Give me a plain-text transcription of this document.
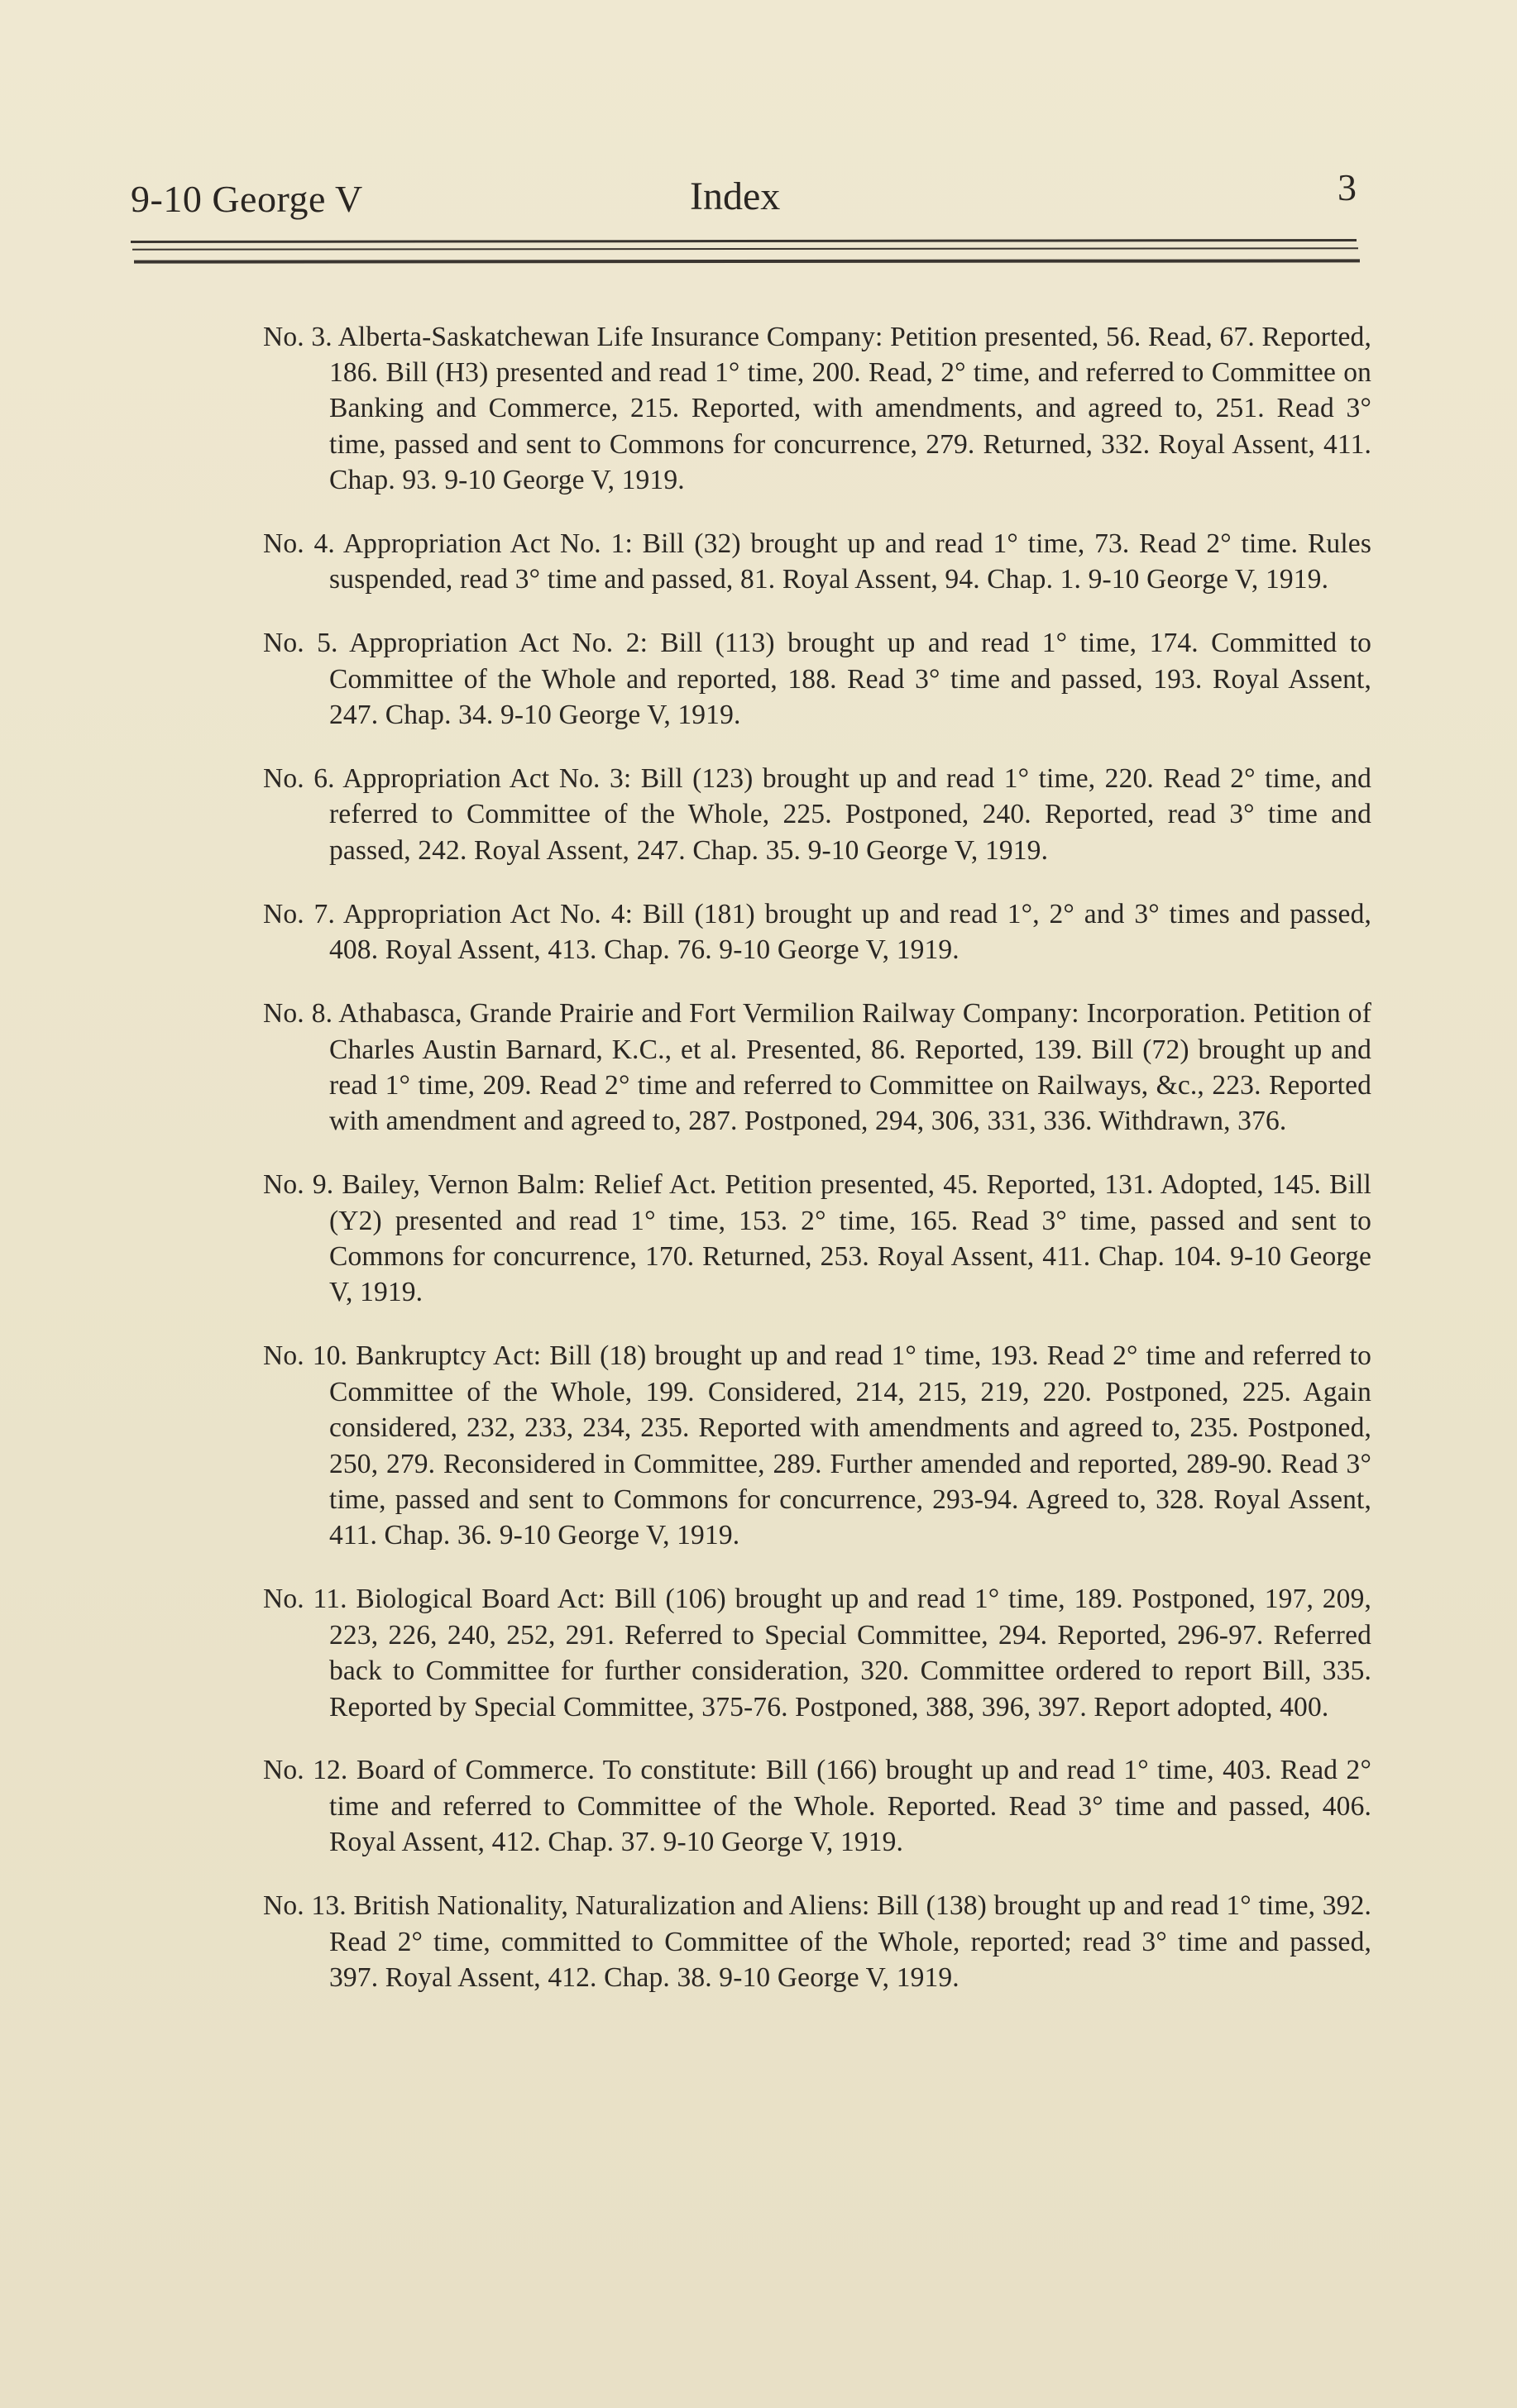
9-10 George V	Index	3

No. 3. Alberta-Saskatchewan Life Insurance Company: Petition presented, 56. Read, 67. Reported, 186. Bill (H3) presented and read 1° time, 200. Read, 2° time, and referred to Committee on Banking and Commerce, 215. Reported, with amendments, and agreed to, 251. Read 3° time, passed and sent to Commons for concurrence, 279. Returned, 332. Royal Assent, 411. Chap. 93. 9-10 George V, 1919.

No. 4. Appropriation Act No. 1: Bill (32) brought up and read 1° time, 73. Read 2° time. Rules suspended, read 3° time and passed, 81. Royal Assent, 94. Chap. 1. 9-10 George V, 1919.

No. 5. Appropriation Act No. 2: Bill (113) brought up and read 1° time, 174. Committed to Committee of the Whole and reported, 188. Read 3° time and passed, 193. Royal Assent, 247. Chap. 34. 9-10 George V, 1919.

No. 6. Appropriation Act No. 3: Bill (123) brought up and read 1° time, 220. Read 2° time, and referred to Committee of the Whole, 225. Postponed, 240. Reported, read 3° time and passed, 242. Royal Assent, 247. Chap. 35. 9-10 George V, 1919.

No. 7. Appropriation Act No. 4: Bill (181) brought up and read 1°, 2° and 3° times and passed, 408. Royal Assent, 413. Chap. 76. 9-10 George V, 1919.

No. 8. Athabasca, Grande Prairie and Fort Vermilion Railway Company: Incorporation. Petition of Charles Austin Barnard, K.C., et al. Presented, 86. Reported, 139. Bill (72) brought up and read 1° time, 209. Read 2° time and referred to Committee on Railways, &c., 223. Reported with amendment and agreed to, 287. Postponed, 294, 306, 331, 336. Withdrawn, 376.

No. 9. Bailey, Vernon Balm: Relief Act. Petition presented, 45. Reported, 131. Adopted, 145. Bill (Y2) presented and read 1° time, 153. 2° time, 165. Read 3° time, passed and sent to Commons for concurrence, 170. Returned, 253. Royal Assent, 411. Chap. 104. 9-10 George V, 1919.

No. 10. Bankruptcy Act: Bill (18) brought up and read 1° time, 193. Read 2° time and referred to Committee of the Whole, 199. Considered, 214, 215, 219, 220. Postponed, 225. Again considered, 232, 233, 234, 235. Reported with amendments and agreed to, 235. Postponed, 250, 279. Reconsidered in Committee, 289. Further amended and reported, 289-90. Read 3° time, passed and sent to Commons for concurrence, 293-94. Agreed to, 328. Royal Assent, 411. Chap. 36. 9-10 George V, 1919.

No. 11. Biological Board Act: Bill (106) brought up and read 1° time, 189. Postponed, 197, 209, 223, 226, 240, 252, 291. Referred to Special Committee, 294. Reported, 296-97. Referred back to Committee for further consideration, 320. Committee ordered to report Bill, 335. Reported by Special Committee, 375-76. Postponed, 388, 396, 397. Report adopted, 400.

No. 12. Board of Commerce. To constitute: Bill (166) brought up and read 1° time, 403. Read 2° time and referred to Committee of the Whole. Reported. Read 3° time and passed, 406. Royal Assent, 412. Chap. 37. 9-10 George V, 1919.

No. 13. British Nationality, Naturalization and Aliens: Bill (138) brought up and read 1° time, 392. Read 2° time, committed to Committee of the Whole, reported; read 3° time and passed, 397. Royal Assent, 412. Chap. 38. 9-10 George V, 1919.
